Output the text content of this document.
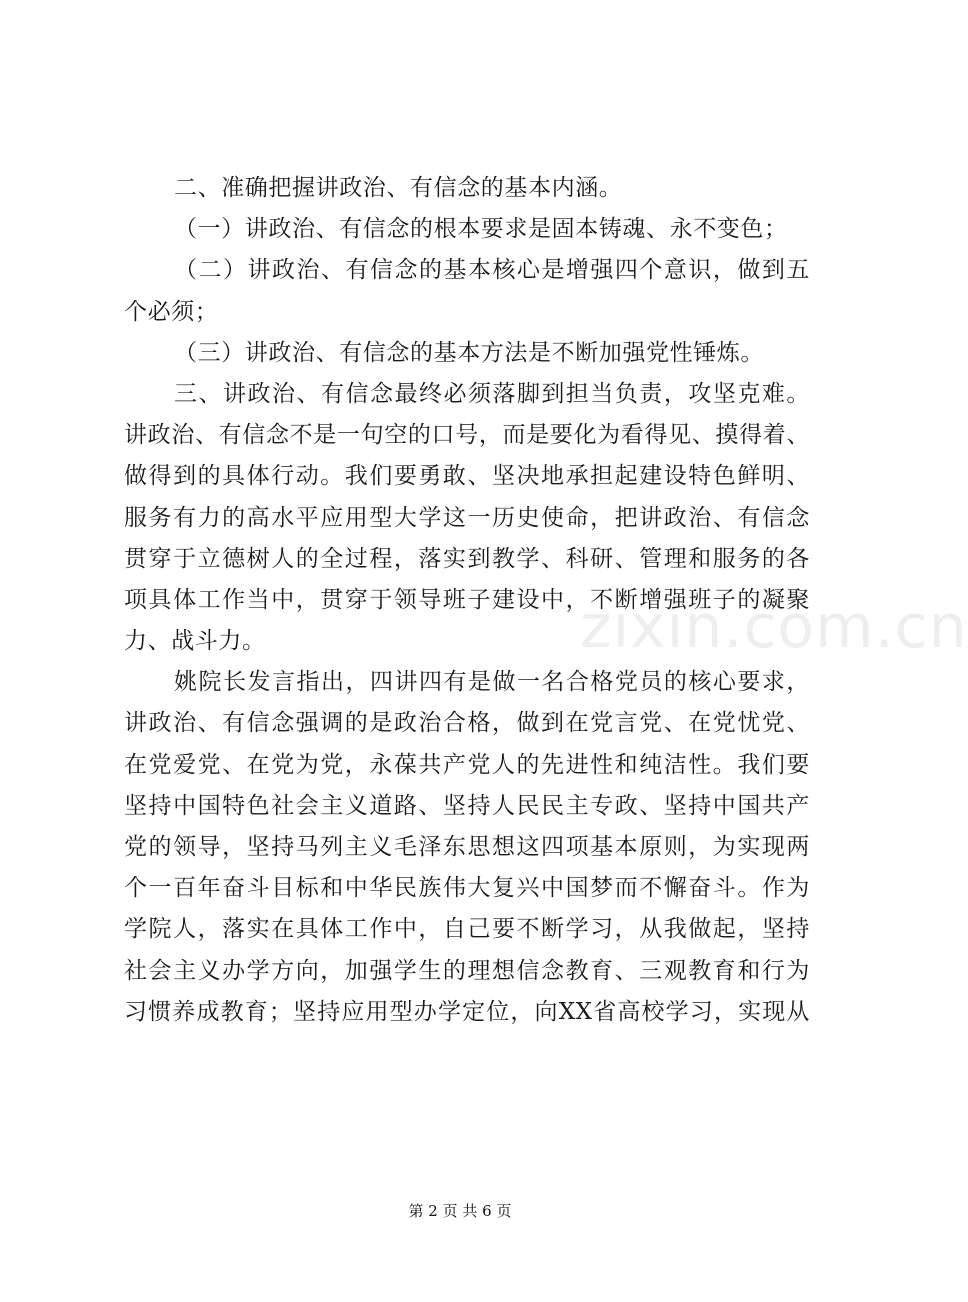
zixin.com.cn
二、准确把握讲政治、有信念的基本内涵。
（一）讲政治、有信念的根本要求是固本铸魂、永不变色；
（二）讲政治、有信念的基本核心是增强四个意识，做到五
个必须；
（三）讲政治、有信念的基本方法是不断加强党性锤炼。
三、讲政治、有信念最终必须落脚到担当负责，攻坚克难。
讲政治、有信念不是一句空的口号，而是要化为看得见、摸得着、
做得到的具体行动。我们要勇敢、坚决地承担起建设特色鲜明、
服务有力的高水平应用型大学这一历史使命，把讲政治、有信念
贯穿于立德树人的全过程，落实到教学、科研、管理和服务的各
项具体工作当中，贯穿于领导班子建设中，不断增强班子的凝聚
力、战斗力。
姚院长发言指出，四讲四有是做一名合格党员的核心要求，
讲政治、有信念强调的是政治合格，做到在党言党、在党忧党、
在党爱党、在党为党，永葆共产党人的先进性和纯洁性。我们要
坚持中国特色社会主义道路、坚持人民民主专政、坚持中国共产
党的领导，坚持马列主义毛泽东思想这四项基本原则，为实现两
个一百年奋斗目标和中华民族伟大复兴中国梦而不懈奋斗。作为
学院人，落实在具体工作中，自己要不断学习，从我做起，坚持
社会主义办学方向，加强学生的理想信念教育、三观教育和行为
习惯养成教育；坚持应用型办学定位，向XX省高校学习，实现从
第 2 页 共 6 页
